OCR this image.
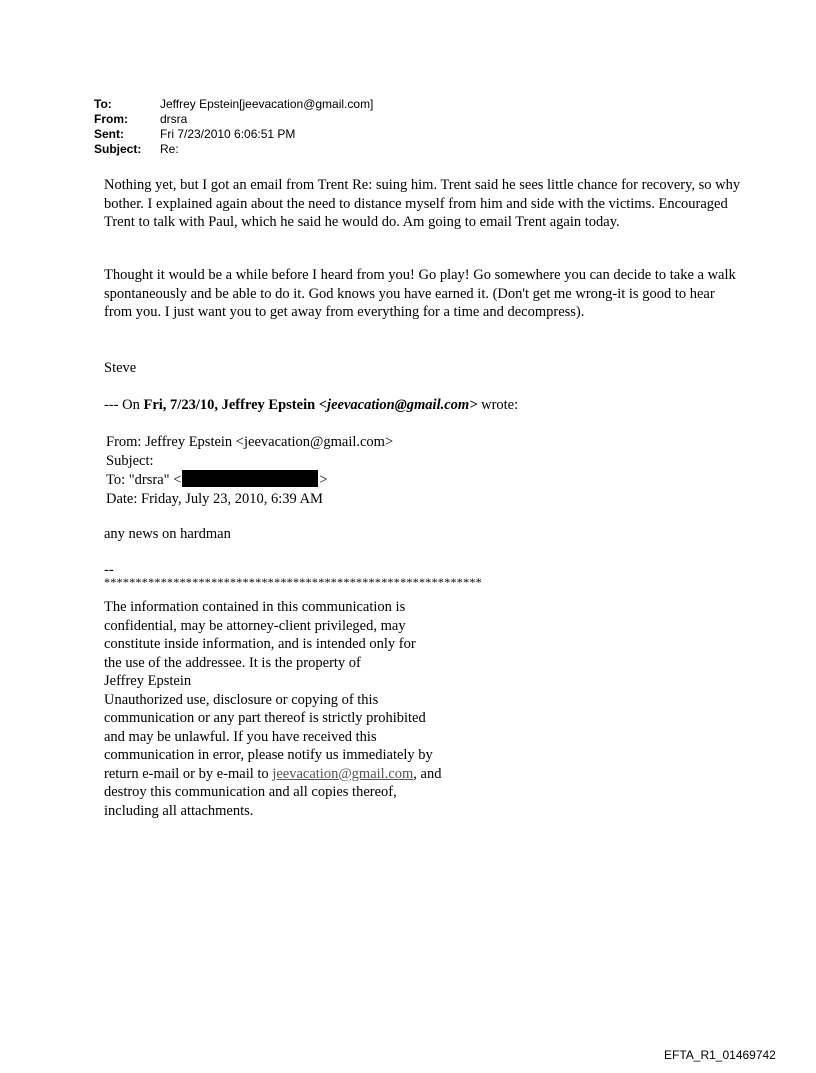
To:	Jeffrey Epstein[jeevacation@gmail.com]
From:	drsra
Sent:	Fri 7/23/2010 6:06:51 PM
Subject:	Re:
Nothing yet, but I got an email from Trent Re: suing him. Trent said he sees little chance for recovery, so why bother. I explained again about the need to distance myself from him and side with the victims. Encouraged Trent to talk with Paul, which he said he would do. Am going to email Trent again today.
Thought it would be a while before I heard from you! Go play! Go somewhere you can decide to take a walk spontaneously and be able to do it. God knows you have earned it. (Don't get me wrong-it is good to hear from you. I just want you to get away from everything for a time and decompress).
Steve
--- On Fri, 7/23/10, Jeffrey Epstein <jeevacation@gmail.com> wrote:
From: Jeffrey Epstein <jeevacation@gmail.com>
Subject:
To: "drsra" <	>
Date: Friday, July 23, 2010, 6:39 AM
any news on hardman
--
************************************************************
The information contained in this communication is
confidential, may be attorney-client privileged, may
constitute inside information, and is intended only for
the use of the addressee. It is the property of
Jeffrey Epstein
Unauthorized use, disclosure or copying of this
communication or any part thereof is strictly prohibited
and may be unlawful. If you have received this
communication in error, please notify us immediately by
return e-mail or by e-mail to jeevacation@gmail.com, and
destroy this communication and all copies thereof,
including all attachments.
EFTA_R1_01469742
